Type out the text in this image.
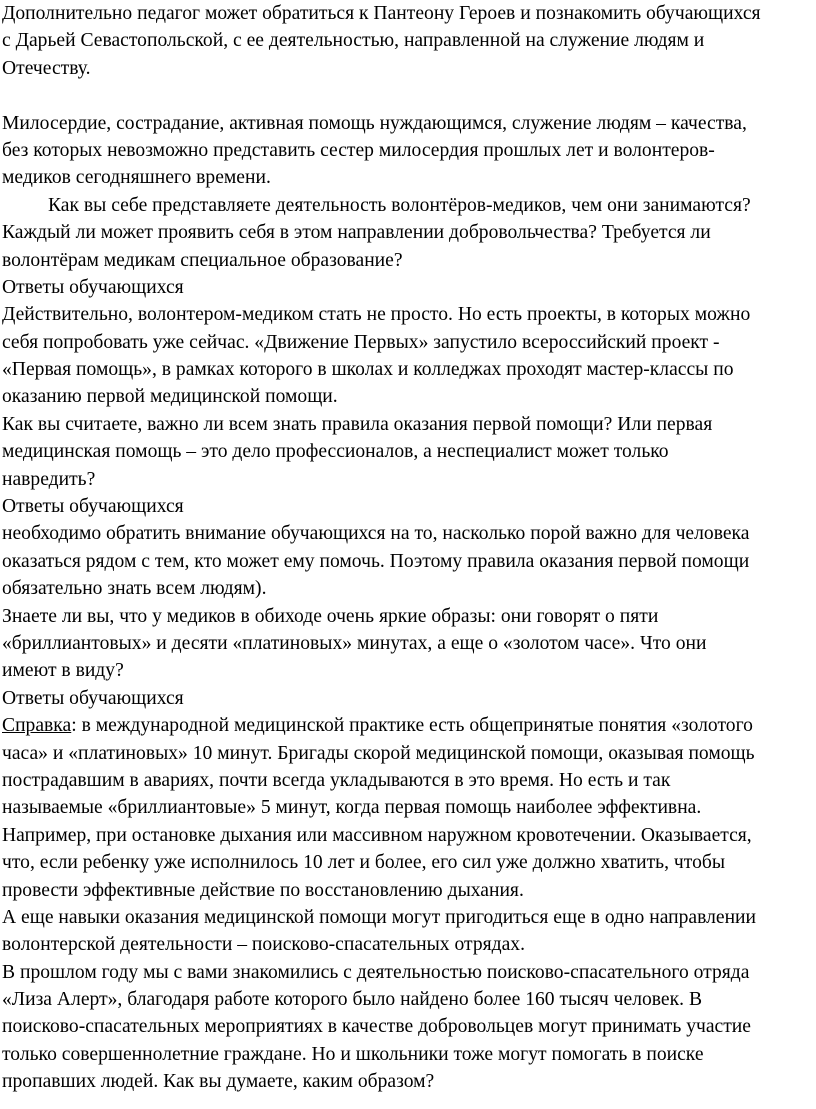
Дополнительно педагог может обратиться к Пантеону Героев и познакомить обучающихся
с Дарьей Севастопольской, с ее деятельностью, направленной на служение людям и
Отечеству.
Милосердие, сострадание, активная помощь нуждающимся, служение людям – качества,
без которых невозможно представить сестер милосердия прошлых лет и волонтеров-
медиков сегодняшнего времени.
Как вы себе представляете деятельность волонтёров-медиков, чем они занимаются?
Каждый ли может проявить себя в этом направлении добровольчества? Требуется ли
волонтёрам медикам специальное образование?
Ответы обучающихся
Действительно, волонтером-медиком стать не просто. Но есть проекты, в которых можно
себя попробовать уже сейчас. «Движение Первых» запустило всероссийский проект -
«Первая помощь», в рамках которого в школах и колледжах проходят мастер-классы по
оказанию первой медицинской помощи.
Как вы считаете, важно ли всем знать правила оказания первой помощи? Или первая
медицинская помощь – это дело профессионалов, а неспециалист может только
навредить?
Ответы обучающихся
необходимо обратить внимание обучающихся на то, насколько порой важно для человека
оказаться рядом с тем, кто может ему помочь. Поэтому правила оказания первой помощи
обязательно знать всем людям).
Знаете ли вы, что у медиков в обиходе очень яркие образы: они говорят о пяти
«бриллиантовых» и десяти «платиновых» минутах, а еще о «золотом часе». Что они
имеют в виду?
Ответы обучающихся
Справка: в международной медицинской практике есть общепринятые понятия «золотого
часа» и «платиновых» 10 минут. Бригады скорой медицинской помощи, оказывая помощь
пострадавшим в авариях, почти всегда укладываются в это время. Но есть и так
называемые «бриллиантовые» 5 минут, когда первая помощь наиболее эффективна.
Например, при остановке дыхания или массивном наружном кровотечении. Оказывается,
что, если ребенку уже исполнилось 10 лет и более, его сил уже должно хватить, чтобы
провести эффективные действие по восстановлению дыхания.
А еще навыки оказания медицинской помощи могут пригодиться еще в одно направлении
волонтерской деятельности – поисково-спасательных отрядах.
В прошлом году мы с вами знакомились с деятельностью поисково-спасательного отряда
«Лиза Алерт», благодаря работе которого было найдено более 160 тысяч человек. В
поисково-спасательных мероприятиях в качестве добровольцев могут принимать участие
только совершеннолетние граждане. Но и школьники тоже могут помогать в поиске
пропавших людей. Как вы думаете, каким образом?
